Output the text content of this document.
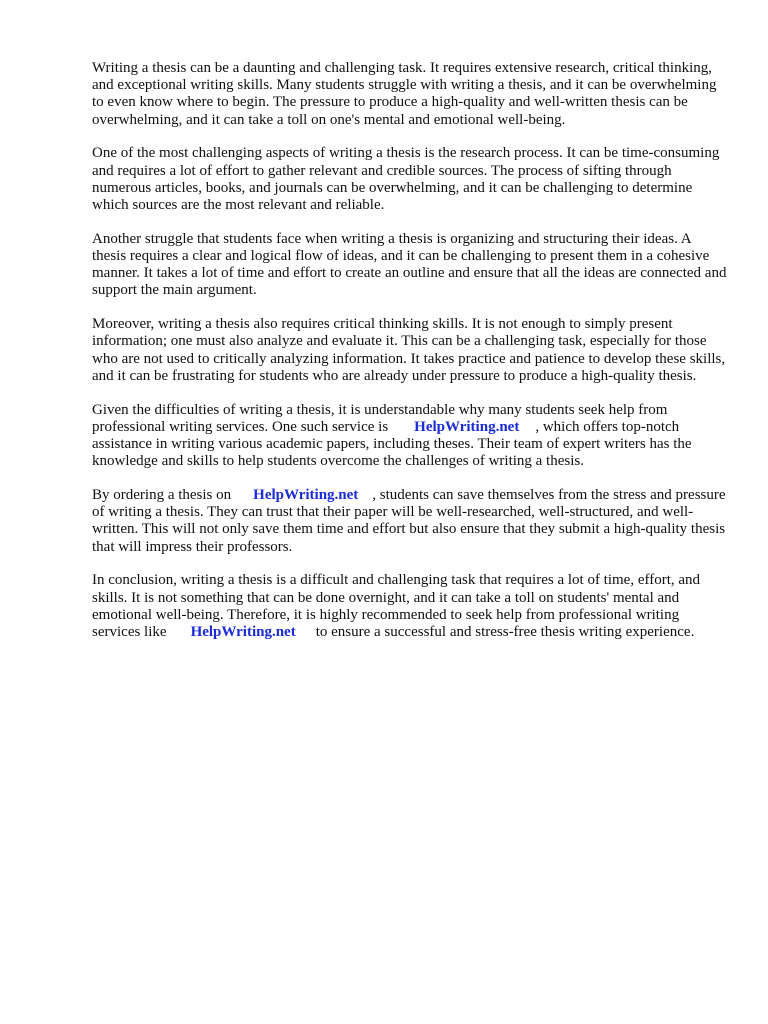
Writing a thesis can be a daunting and challenging task. It requires extensive research, critical thinking, and exceptional writing skills. Many students struggle with writing a thesis, and it can be overwhelming to even know where to begin. The pressure to produce a high-quality and well-written thesis can be overwhelming, and it can take a toll on one's mental and emotional well-being.

One of the most challenging aspects of writing a thesis is the research process. It can be time-consuming and requires a lot of effort to gather relevant and credible sources. The process of sifting through numerous articles, books, and journals can be overwhelming, and it can be challenging to determine which sources are the most relevant and reliable.

Another struggle that students face when writing a thesis is organizing and structuring their ideas. A thesis requires a clear and logical flow of ideas, and it can be challenging to present them in a cohesive manner. It takes a lot of time and effort to create an outline and ensure that all the ideas are connected and support the main argument.

Moreover, writing a thesis also requires critical thinking skills. It is not enough to simply present information; one must also analyze and evaluate it. This can be a challenging task, especially for those who are not used to critically analyzing information. It takes practice and patience to develop these skills, and it can be frustrating for students who are already under pressure to produce a high-quality thesis.

Given the difficulties of writing a thesis, it is understandable why many students seek help from professional writing services. One such service is HelpWriting.net , which offers top-notch assistance in writing various academic papers, including theses. Their team of expert writers has the knowledge and skills to help students overcome the challenges of writing a thesis.

By ordering a thesis on HelpWriting.net , students can save themselves from the stress and pressure of writing a thesis. They can trust that their paper will be well-researched, well-structured, and well-written. This will not only save them time and effort but also ensure that they submit a high-quality thesis that will impress their professors.

In conclusion, writing a thesis is a difficult and challenging task that requires a lot of time, effort, and skills. It is not something that can be done overnight, and it can take a toll on students' mental and emotional well-being. Therefore, it is highly recommended to seek help from professional writing services like HelpWriting.net to ensure a successful and stress-free thesis writing experience.
